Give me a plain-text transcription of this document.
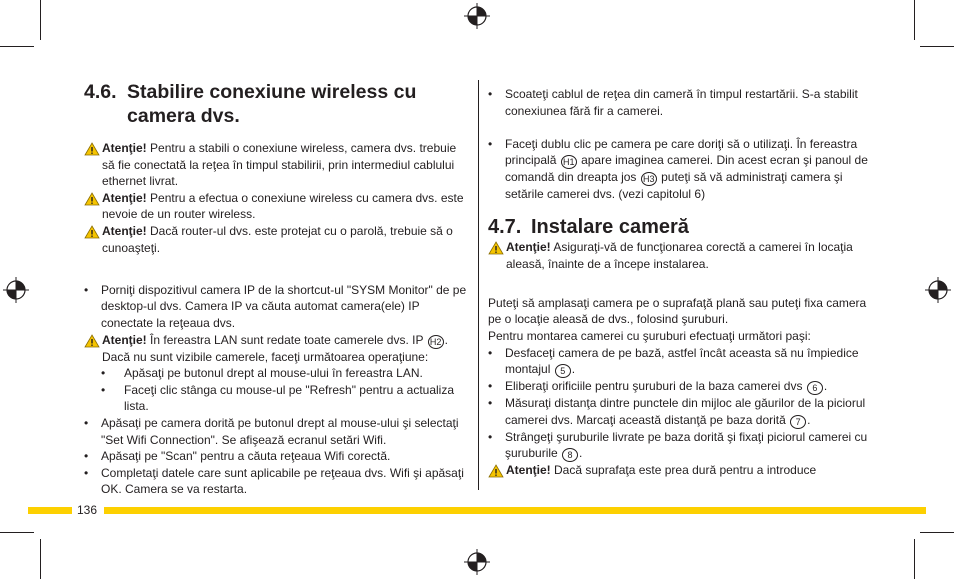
4.6. Stabilire conexiune wireless cu
camera dvs.

Atenţie! Pentru a stabili o conexiune wireless, camera dvs. trebuie să fie conectată la reţea în timpul stabilirii, prin intermediul cablului ethernet livrat.

Atenţie! Pentru a efectua o conexiune wireless cu camera dvs. este nevoie de un router wireless.

Atenţie! Dacă router-ul dvs. este protejat cu o parolă, trebuie să o cunoaşteţi.

• Porniţi dispozitivul camera IP de la shortcut-ul "SYSM Monitor" de pe desktop-ul dvs. Camera IP va căuta automat camera(ele) IP conectate la reţeaua dvs.

Atenţie! În fereastra LAN sunt redate toate camerele dvs. IP H2 . Dacă nu sunt vizibile camerele, faceţi următoarea operaţiune:

• Apăsaţi pe butonul drept al mouse-ului în fereastra LAN.
• Faceţi clic stânga cu mouse-ul pe "Refresh" pentru a actualiza lista.
• Apăsaţi pe camera dorită pe butonul drept al mouse-ului şi selectaţi "Set Wifi Connection". Se afişează ecranul setări Wifi.
• Apăsaţi pe "Scan" pentru a căuta reţeaua Wifi corectă.
• Completaţi datele care sunt aplicabile pe reţeaua dvs. Wifi şi apăsaţi OK. Camera se va restarta.
• Scoateţi cablul de reţea din cameră în timpul restartării. S-a stabilit conexiunea fără fir a camerei.
• Faceţi dublu clic pe camera pe care doriţi să o utilizaţi. În fereastra principală H1 apare imaginea camerei. Din acest ecran şi panoul de comandă din dreapta jos H3 puteţi să vă administraţi camera şi setările camerei dvs. (vezi capitolul 6)
4.7. Instalare cameră

Atenţie! Asiguraţi-vă de funcţionarea corectă a camerei în locaţia aleasă, înainte de a începe instalarea.

Puteţi să amplasaţi camera pe o suprafaţă plană sau puteţi fixa camera pe o locaţie aleasă de dvs., folosind şuruburi.

Pentru montarea camerei cu şuruburi efectuaţi următori paşi:

• Desfaceţi camera de pe bază, astfel încât aceasta să nu împiedice montajul 5 .
• Eliberaţi orificiile pentru şuruburi de la baza camerei dvs 6 .
• Măsuraţi distanţa dintre punctele din mijloc ale găurilor de la piciorul camerei dvs. Marcaţi această distanţă pe baza dorită 7 .
• Strângeţi şuruburile livrate pe baza dorită şi fixaţi piciorul camerei cu şuruburile 8 .

Atenţie! Dacă suprafaţa este prea dură pentru a introduce

136
